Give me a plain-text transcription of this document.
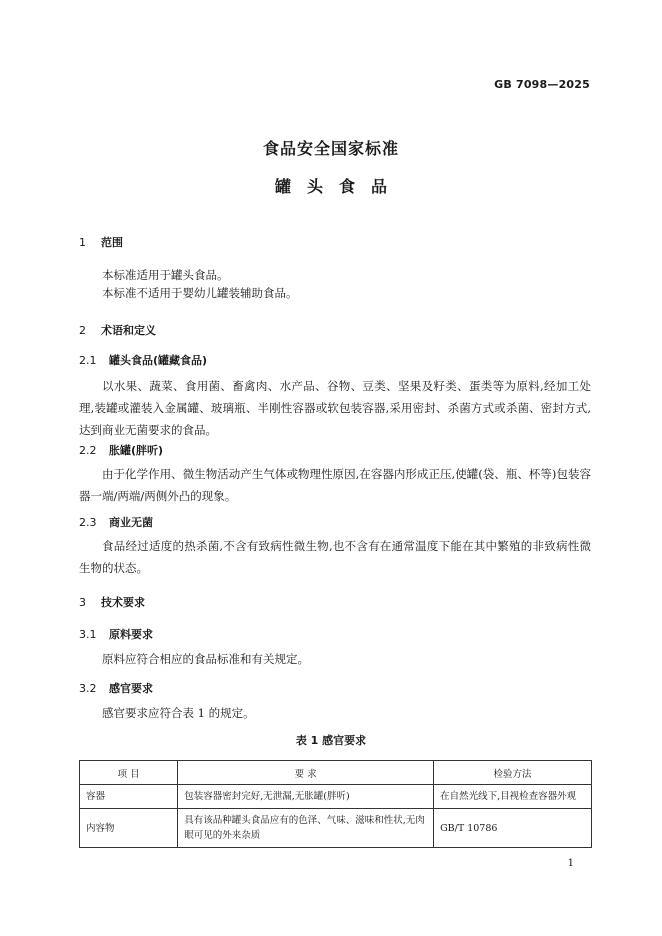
GB 7098—2025
食品安全国家标准
罐头食品
1 范围
本标准适用于罐头食品。
本标准不适用于婴幼儿罐装辅助食品。
2 术语和定义
2.1 罐头食品(罐藏食品)
以水果、蔬菜、食用菌、畜禽肉、水产品、谷物、豆类、坚果及籽类、蛋类等为原料,经加工处理,装罐或灌装入金属罐、玻璃瓶、半刚性容器或软包装容器,采用密封、杀菌方式或杀菌、密封方式,达到商业无菌要求的食品。
2.2 胀罐(胖听)
由于化学作用、微生物活动产生气体或物理性原因,在容器内形成正压,使罐(袋、瓶、杯等)包装容器一端/两端/两侧外凸的现象。
2.3 商业无菌
食品经过适度的热杀菌,不含有致病性微生物,也不含有在通常温度下能在其中繁殖的非致病性微生物的状态。
3 技术要求
3.1 原料要求
原料应符合相应的食品标准和有关规定。
3.2 感官要求
感官要求应符合表 1 的规定。
表 1 感官要求
项 目	要 求	检验方法
容器	包装容器密封完好,无泄漏,无胀罐(胖听)	在自然光线下,目视检查容器外观
内容物	具有该品种罐头食品应有的色泽、气味、滋味和性状,无肉眼可见的外来杂质	GB/T 10786
1
